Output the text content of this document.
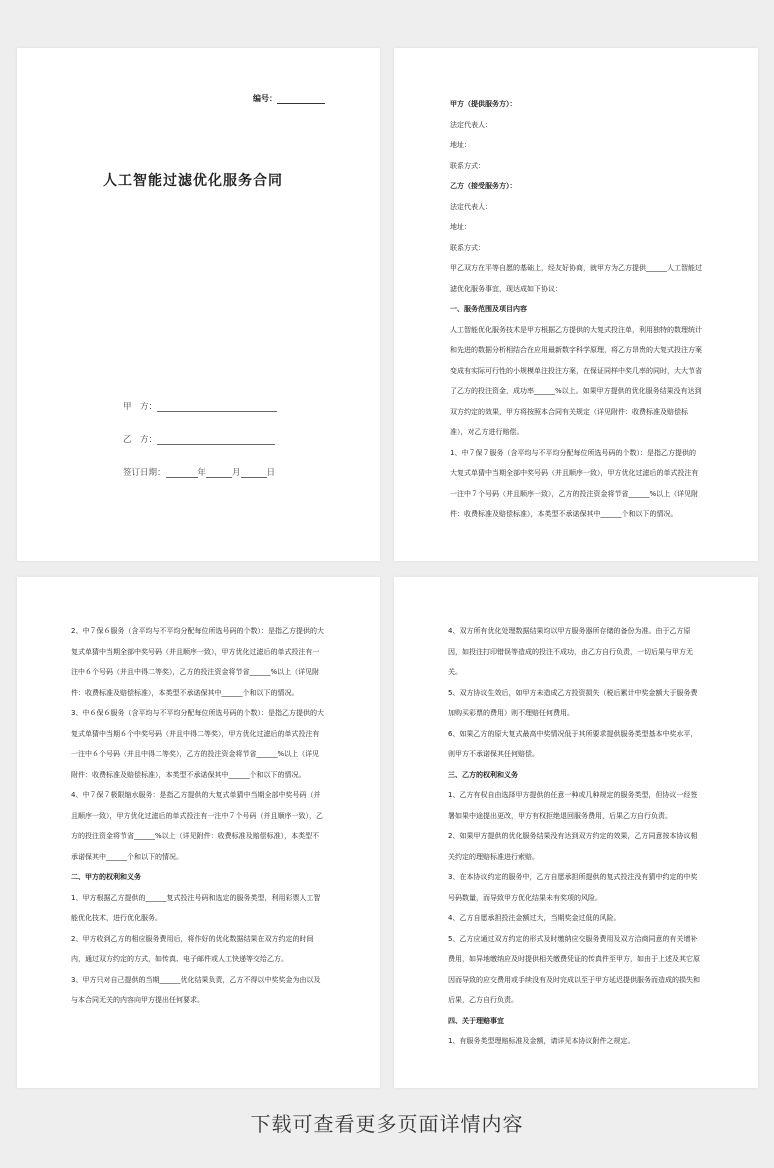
编号：
人工智能过滤优化服务合同
甲　方：
乙　方：
签订日期：	年	月	日

甲方（提供服务方）：

法定代表人：

地址：

联系方式：

乙方（接受服务方）：

法定代表人：

地址：

联系方式：

甲乙双方在平等自愿的基础上，经友好协商，就甲方为乙方提供______人工智能过滤优化服务事宜，现达成如下协议：

一、服务范围及项目内容

人工智能优化服务技术是甲方根据乙方提供的大复式投注单，利用独特的数理统计和先进的数据分析相结合在应用最新数字科学原理，将乙方昂贵的大复式投注方案变成有实际可行性的小规模单注投注方案，在保证同样中奖几率的同时，大大节省了乙方的投注资金，成功率______%以上。如果甲方提供的优化服务结果没有达到双方约定的效果，甲方将按照本合同有关规定（详见附件：收费标准及赔偿标准），对乙方进行赔偿。

1、中７保７服务（含平均与不平均分配每位所选号码的个数）：是指乙方提供的大复式单猜中当期全部中奖号码（并且顺序一致），甲方优化过滤后的单式投注有一注中７个号码（并且顺序一致），乙方的投注资金将节省______%以上（详见附件：收费标准及赔偿标准），本类型不承诺保其中______个和以下的情况。

2、中７保６服务（含平均与不平均分配每位所选号码的个数）：是指乙方提供的大复式单猜中当期全部中奖号码（并且顺序一致），甲方优化过滤后的单式投注有一注中６个号码（并且中得二等奖），乙方的投注资金将节省______%以上（详见附件：收费标准及赔偿标准），本类型不承诺保其中______个和以下的情况。

3、中６保６服务（含平均与不平均分配每位所选号码的个数）：是指乙方提供的大复式单猜中当期６个中奖号码（并且中得二等奖），甲方优化过滤后的单式投注有一注中６个号码（并且中得二等奖），乙方的投注资金将节省______%以上（详见附件：收费标准及赔偿标准），本类型不承诺保其中______个和以下的情况。

4、中７保７极限缩水服务：是指乙方提供的大复式单猜中当期全部中奖号码（并且顺序一致），甲方优化过滤后的单式投注有一注中７个号码（并且顺序一致），乙方的投注资金将节省______%以上（详见附件：收费标准及赔偿标准），本类型不承诺保其中______个和以下的情况。

二、甲方的权利和义务

1、甲方根据乙方提供的______复式投注号码和选定的服务类型，利用彩票人工智能优化技术，进行优化服务。

2、甲方收到乙方的相应服务费用后，将作好的优化数据结果在双方约定的时间内，通过双方约定的方式，如传真、电子邮件或人工快递等交给乙方。

3、甲方只对自己提供的当期______优化结果负责，乙方不得以中奖奖金为由以及与本合同无关的内容向甲方提出任何要求。

4、双方所有优化处理数据结果均以甲方服务器所存储的备份为准。由于乙方原因，如投注打印错误等造成的投注不成功，由乙方自行负责，一切后果与甲方无关。

5、双方协议生效后，如甲方未造成乙方投资损失（税后累计中奖金额大于服务费加购买彩票的费用）则不理赔任何费用。

6、如果乙方的原大复式最高中奖情况低于其所要求提供服务类型基本中奖水平，则甲方不承诺保其任何赔偿。

三、乙方的权利和义务

1、乙方有权自由选择甲方提供的任意一种或几种规定的服务类型，但协议一经签署如果中途提出更改，甲方有权拒绝退回服务费用，后果乙方自行负责。

2、如果甲方提供的优化服务结果没有达到双方约定的效果，乙方同意按本协议相关约定的理赔标准进行索赔。

3、在本协议约定的服务中，乙方自愿承担所提供的复式投注没有猜中约定的中奖号码数量，而导致甲方优化结果未有奖项的风险。

4、乙方自愿承担投注金额过大，当期奖金过低的风险。

5、乙方应通过双方约定的形式及时缴纳应交服务费用及双方洽商同意的有关增补费用，如异地缴纳应及时提供相关缴费凭证的传真件至甲方，如由于上述及其它原因而导致的应交费用或手续没有及时完成以至于甲方延迟提供服务而造成的损失和后果，乙方自行负责。

四、关于理赔事宜

1、有服务类型理赔标准及金额，请详见本协议附件之规定。

下载可查看更多页面详情内容
